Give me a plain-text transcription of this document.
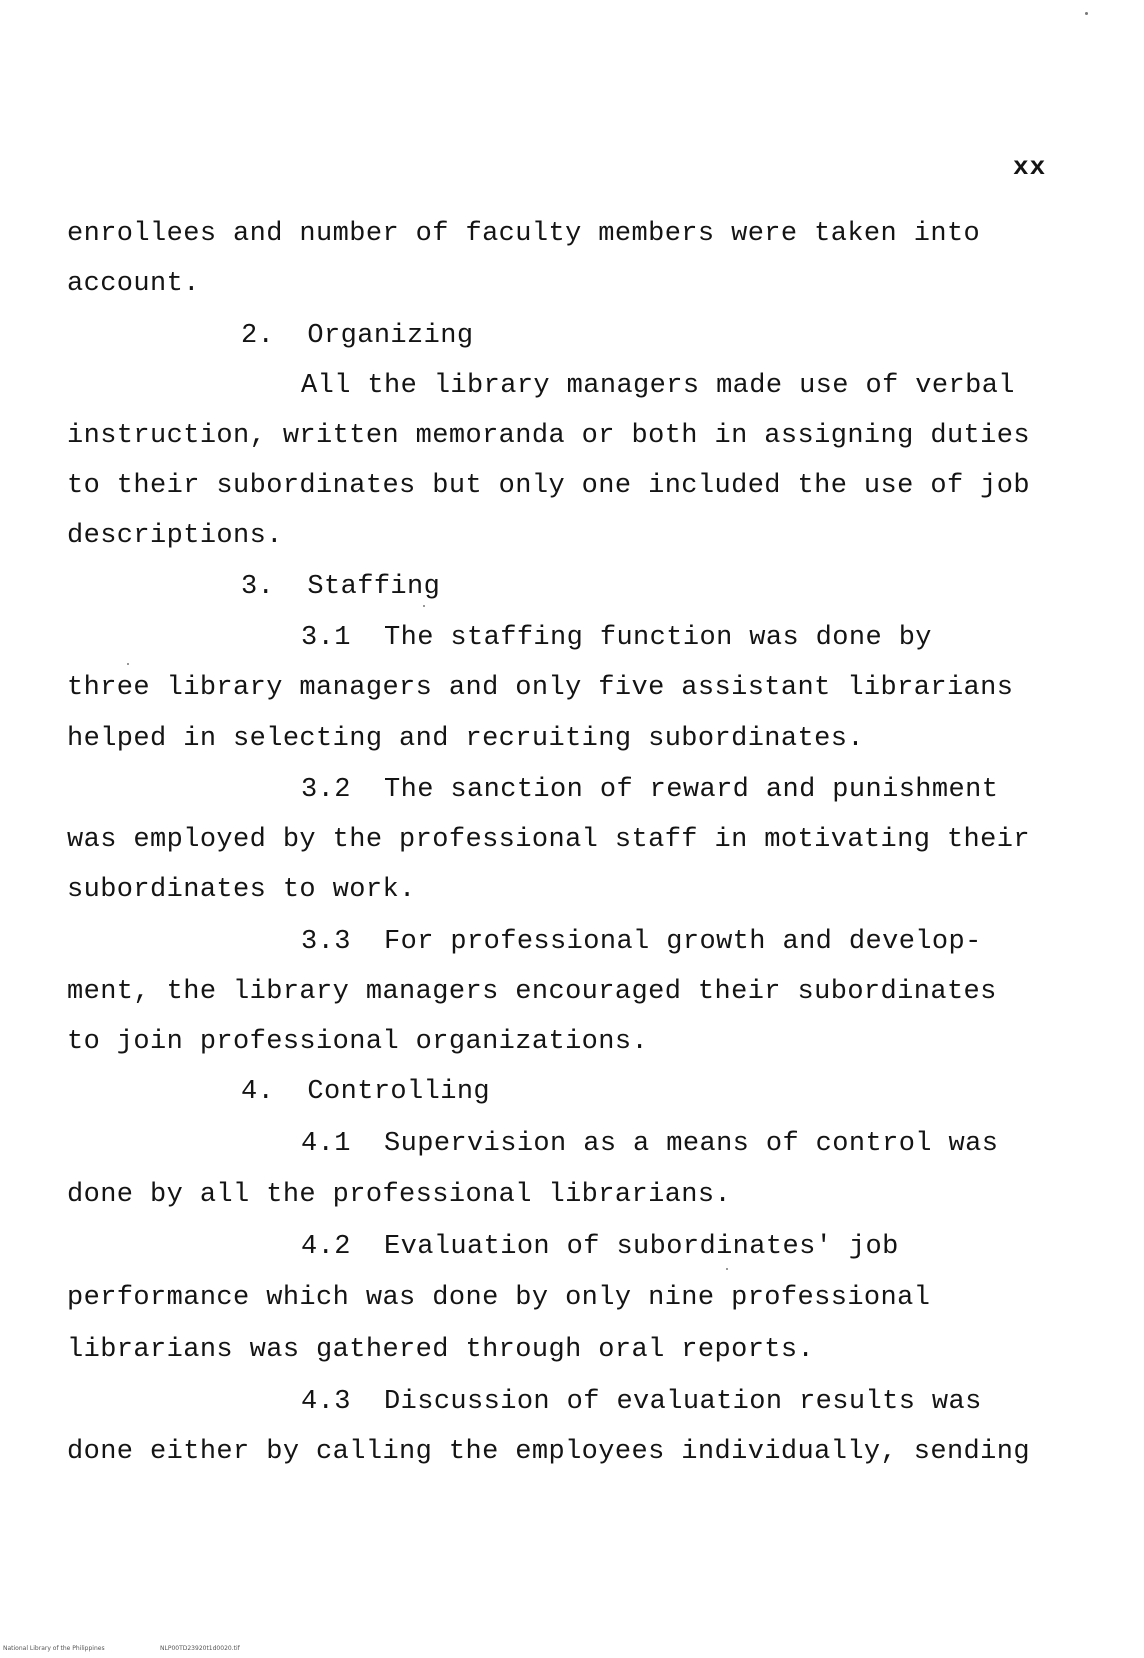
xx
enrollees and number of faculty members were taken into
account.
2.  Organizing
All the library managers made use of verbal
instruction, written memoranda or both in assigning duties
to their subordinates but only one included the use of job
descriptions.
3.  Staffing
3.1  The staffing function was done by
three library managers and only five assistant librarians
helped in selecting and recruiting subordinates.
3.2  The sanction of reward and punishment
was employed by the professional staff in motivating their
subordinates to work.
3.3  For professional growth and develop-
ment, the library managers encouraged their subordinates
to join professional organizations.
4.  Controlling
4.1  Supervision as a means of control was
done by all the professional librarians.
4.2  Evaluation of subordinates' job
performance which was done by only nine professional
librarians was gathered through oral reports.
4.3  Discussion of evaluation results was
done either by calling the employees individually, sending
National Library of the Philippines	NLP00TD23920t1d0020.tif
